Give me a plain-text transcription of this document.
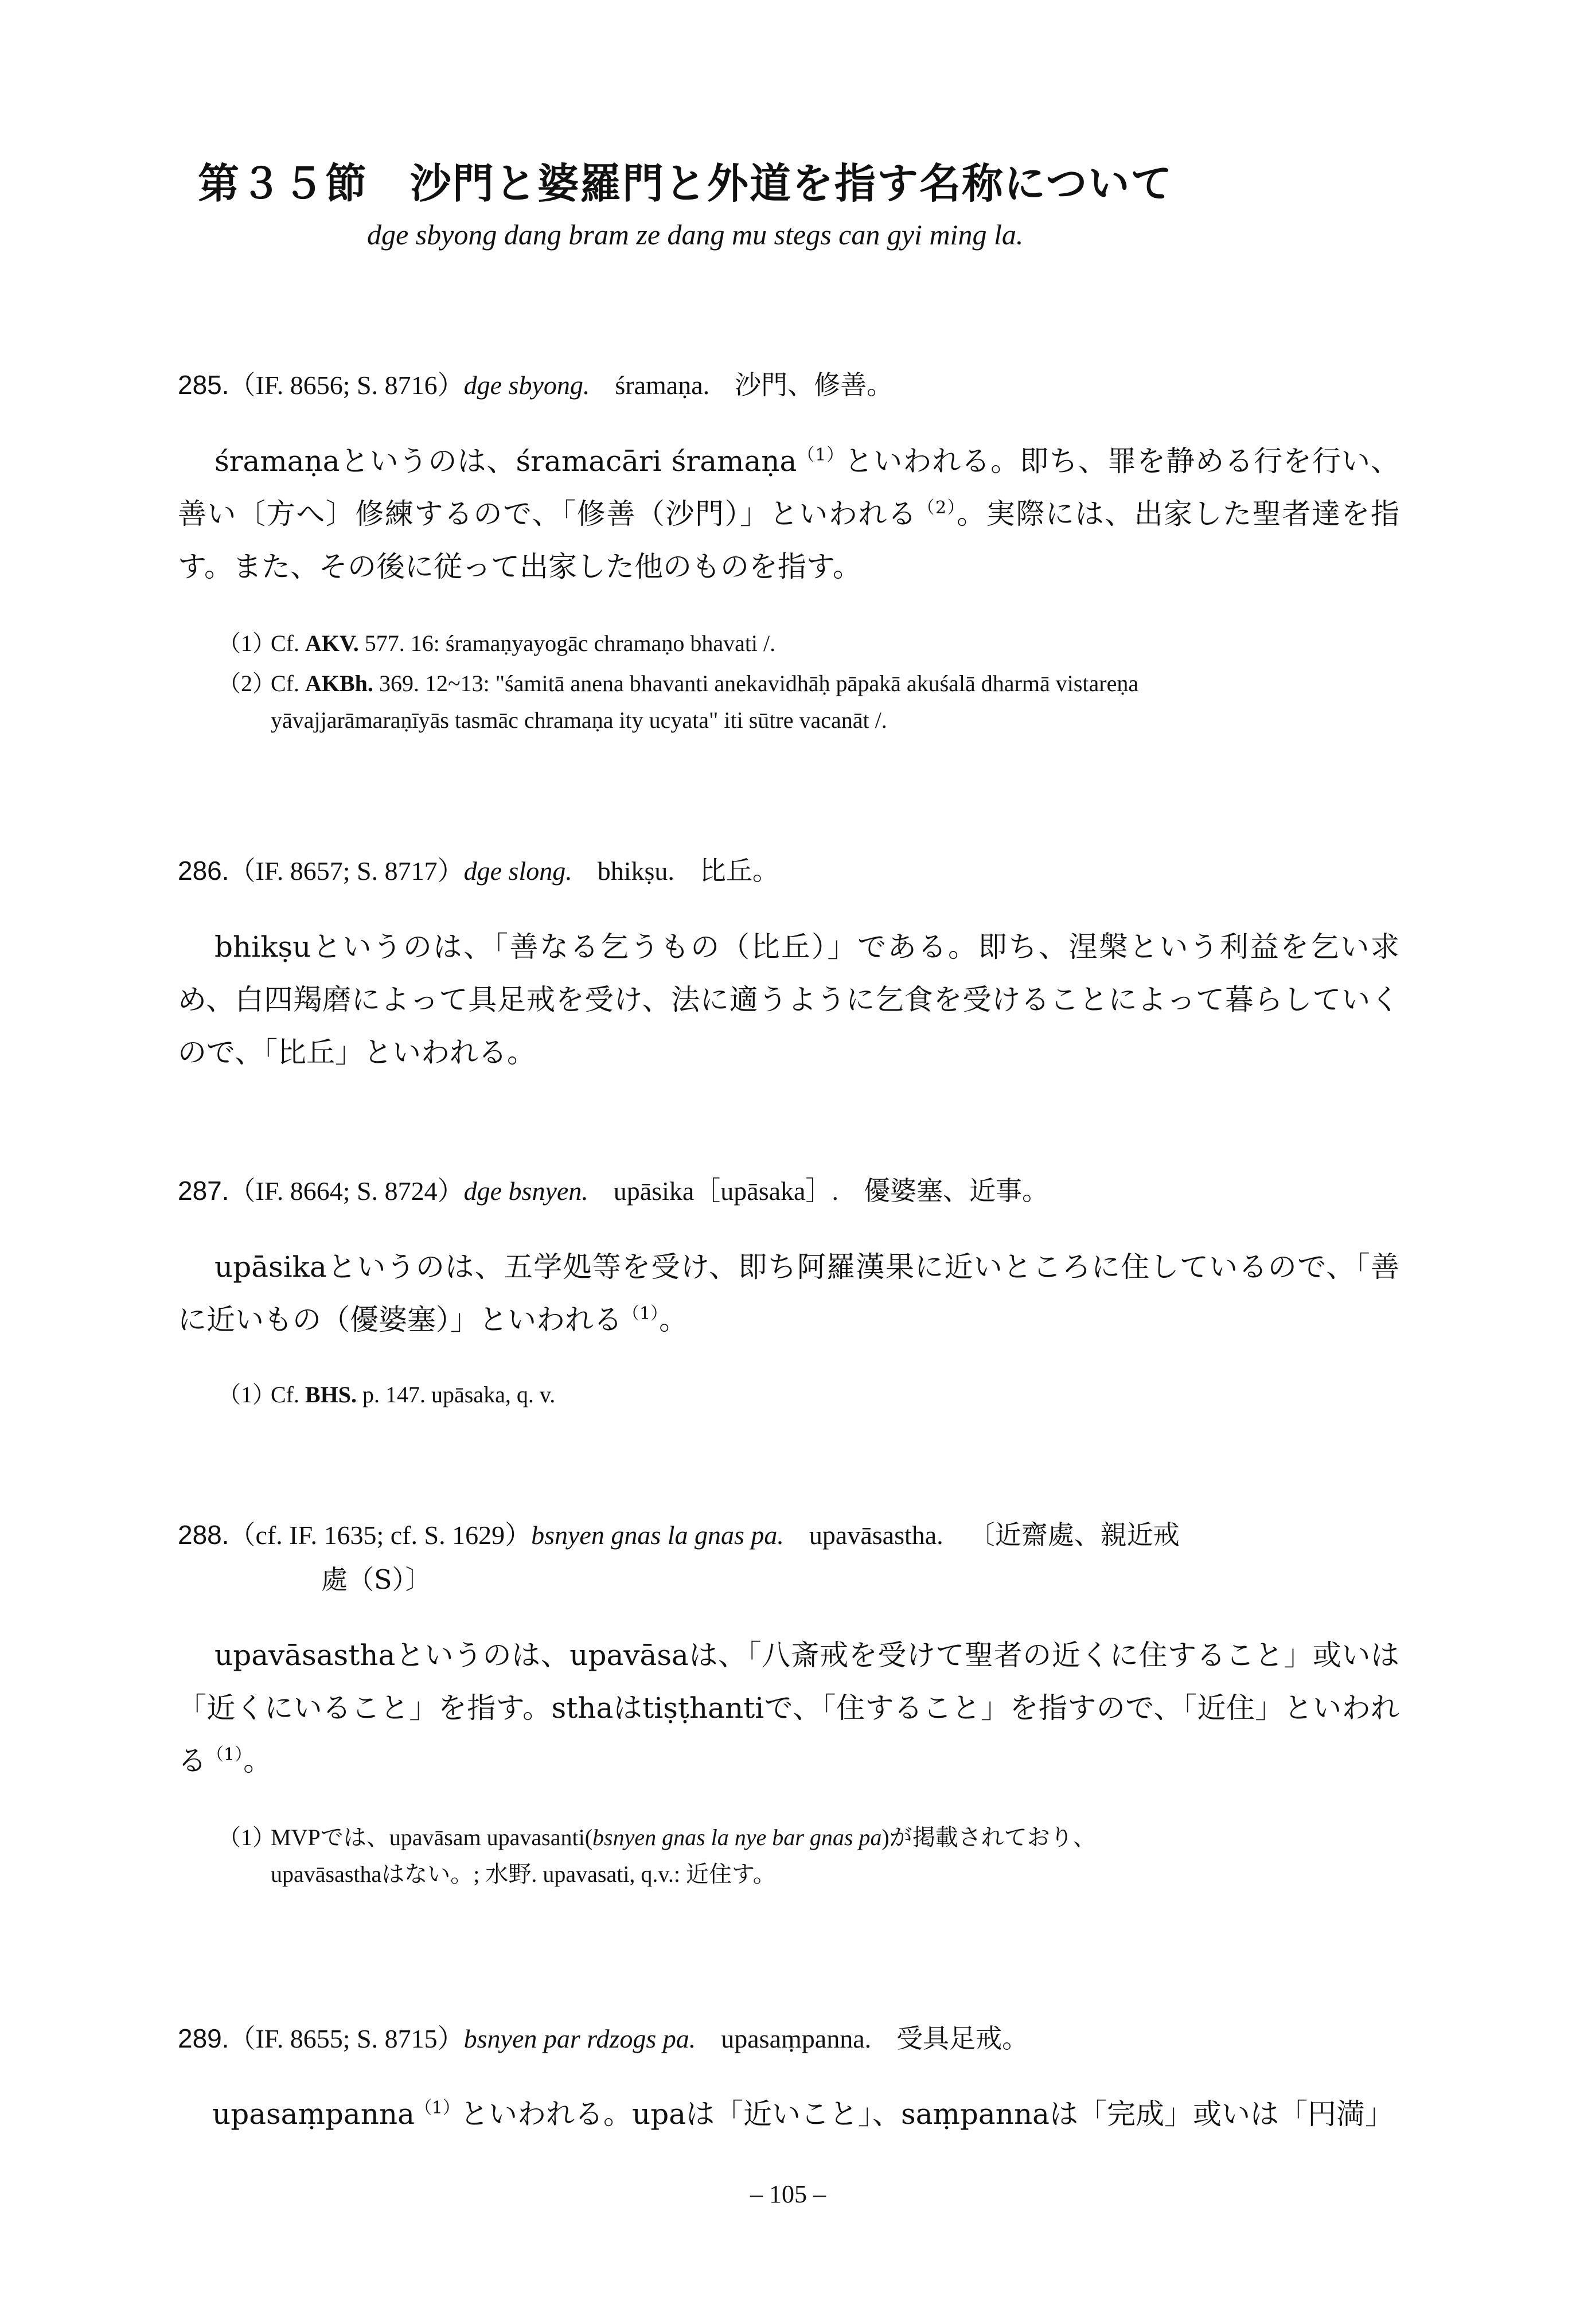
第３５節　沙門と婆羅門と外道を指す名称について
dge sbyong dang bram ze dang mu stegs can gyi ming la.
285.（IF. 8656; S. 8716）dge sbyong. śramaṇa. 沙門、修善。
śramaṇaというのは、śramacāri śramaṇa$^{(1)}$といわれる。即ち、罪を静める行を行い、善い〔方へ〕修練するので、「修善（沙門）」といわれる$^{(2)}$。実際には、出家した聖者達を指す。また、その後に従って出家した他のものを指す。
（1）Cf. AKV. 577. 16: śramaṇyayogāc chramaṇo bhavati /.
（2）Cf. AKBh. 369. 12~13: "śamitā anena bhavanti anekavidhāḥ pāpakā akuśalā dharmā vistareṇa
yāvajjarāmaraṇīyās tasmāc chramaṇa ity ucyata" iti sūtre vacanāt /.
286.（IF. 8657; S. 8717）dge slong. bhikṣu. 比丘。
bhikṣuというのは、「善なる乞うもの（比丘）」である。即ち、涅槃という利益を乞い求め、白四羯磨によって具足戒を受け、法に適うように乞食を受けることによって暮らしていくので、「比丘」といわれる。
287.（IF. 8664; S. 8724）dge bsnyen. upāsika［upāsaka］. 優婆塞、近事。
upāsikaというのは、五学処等を受け、即ち阿羅漢果に近いところに住しているので、「善に近いもの（優婆塞）」といわれる$^{(1)}$。
（1）Cf. BHS. p. 147. upāsaka, q. v.
288.（cf. IF. 1635; cf. S. 1629）bsnyen gnas la gnas pa. upavāsastha. 〔近齋處、親近戒
處（S）〕
upavāsasthaというのは、upavāsaは、「八斎戒を受けて聖者の近くに住すること」或いは「近くにいること」を指す。sthaはtiṣṭhantiで、「住すること」を指すので、「近住」といわれる$^{(1)}$。
（1）MVPでは、upavāsam upavasanti(bsnyen gnas la nye bar gnas pa)が掲載されており、
upavāsasthaはない。; 水野. upavasati, q.v.: 近住す。
289.（IF. 8655; S. 8715）bsnyen par rdzogs pa. upasaṃpanna. 受具足戒。
upasaṃpanna$^{(1)}$といわれる。upaは「近いこと」、saṃpannaは「完成」或いは「円満」
– 105 –
